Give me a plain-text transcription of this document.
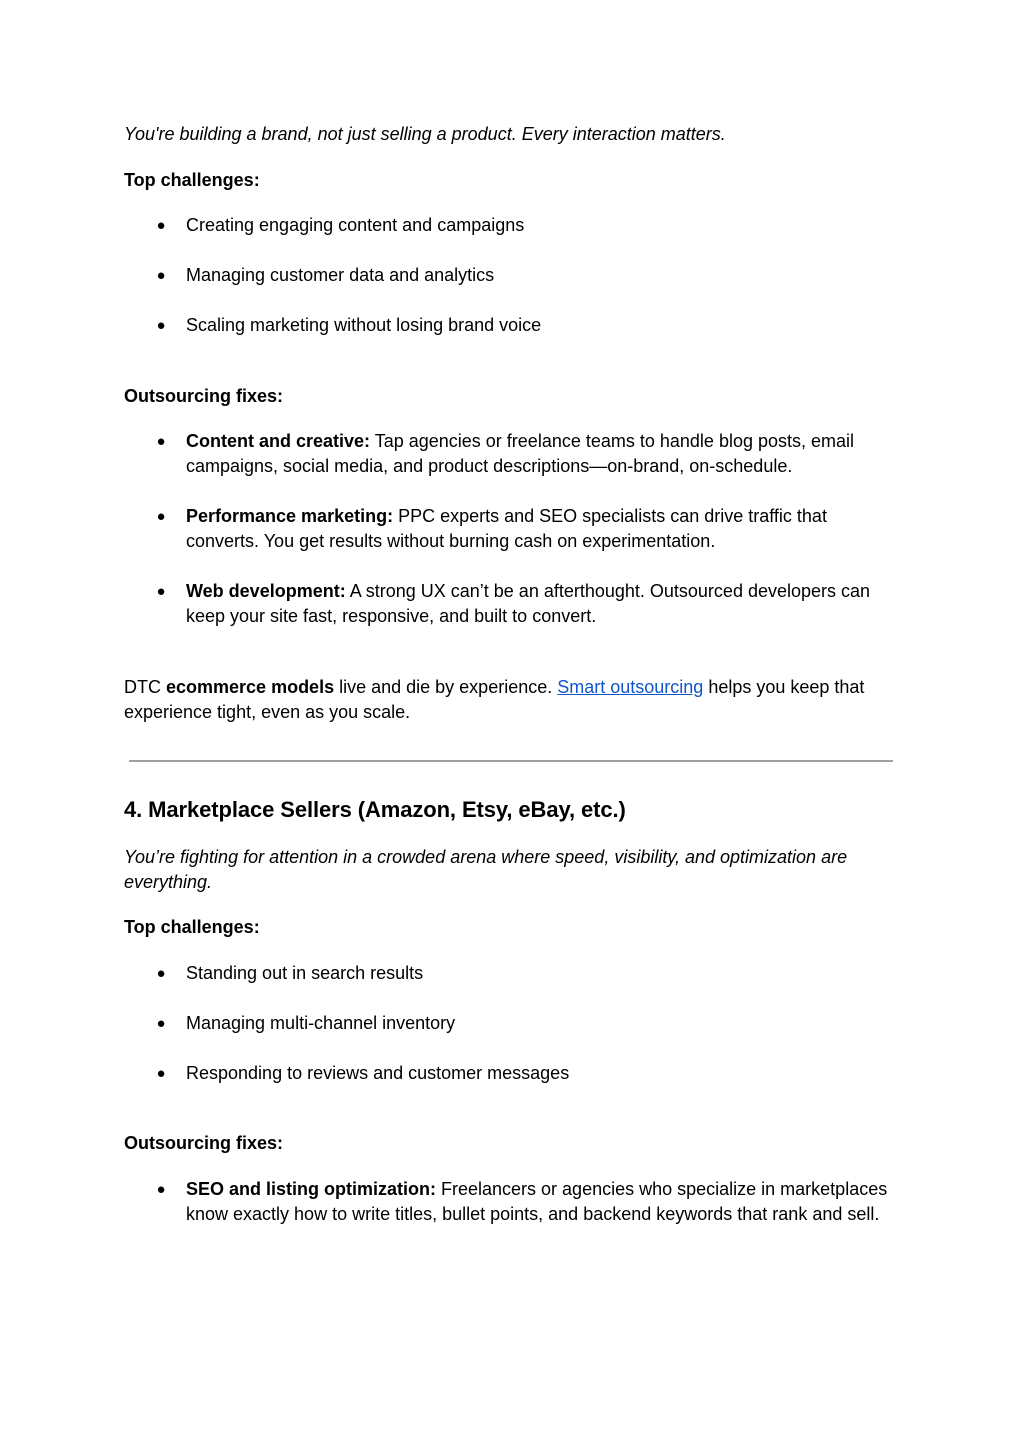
You're building a brand, not just selling a product. Every interaction matters.

Top challenges:

● Creating engaging content and campaigns
● Managing customer data and analytics
● Scaling marketing without losing brand voice

Outsourcing fixes:

● Content and creative: Tap agencies or freelance teams to handle blog posts, email campaigns, social media, and product descriptions—on-brand, on-schedule.
● Performance marketing: PPC experts and SEO specialists can drive traffic that converts. You get results without burning cash on experimentation.
● Web development: A strong UX can’t be an afterthought. Outsourced developers can keep your site fast, responsive, and built to convert.

DTC ecommerce models live and die by experience. Smart outsourcing helps you keep that experience tight, even as you scale.

4. Marketplace Sellers (Amazon, Etsy, eBay, etc.)

You’re fighting for attention in a crowded arena where speed, visibility, and optimization are everything.

Top challenges:

● Standing out in search results
● Managing multi-channel inventory
● Responding to reviews and customer messages

Outsourcing fixes:

● SEO and listing optimization: Freelancers or agencies who specialize in marketplaces know exactly how to write titles, bullet points, and backend keywords that rank and sell.
